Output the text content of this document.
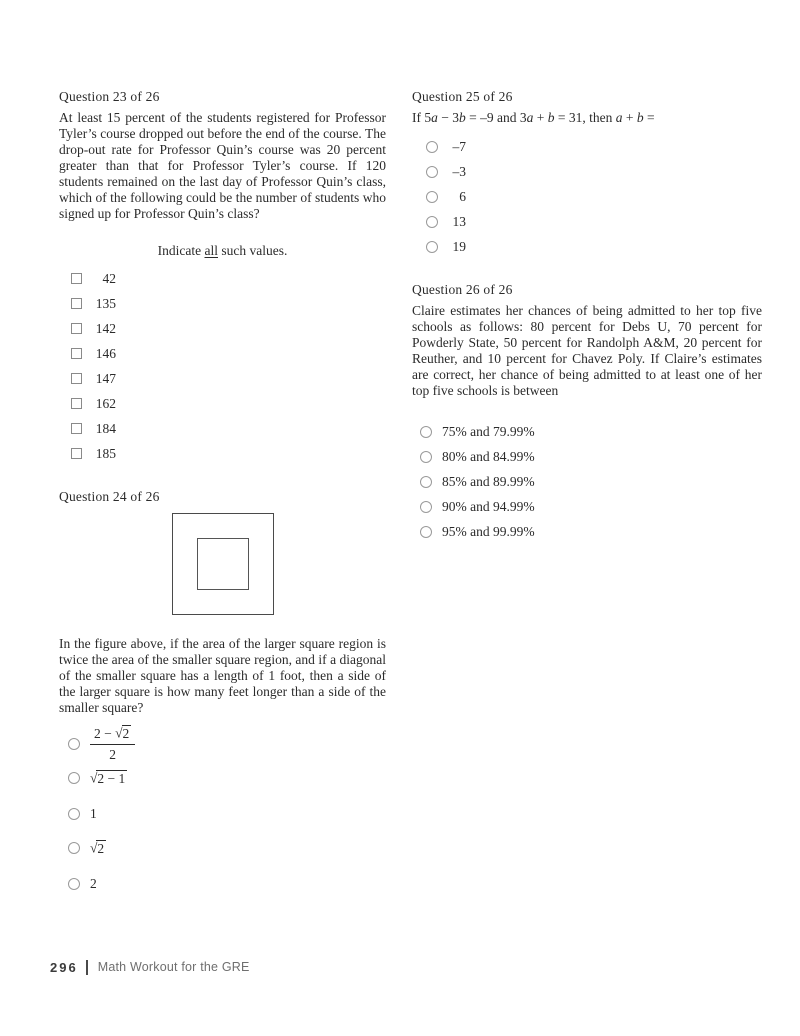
Question 23 of 26
At least 15 percent of the students registered for Professor Tyler’s course dropped out before the end of the course. The drop-out rate for Professor Quin’s course was 20 percent greater than that for Professor Tyler’s course. If 120 students remained on the last day of Professor Quin’s class, which of the following could be the number of students who signed up for Professor Quin’s class?
Indicate all such values.
42
135
142
146
147
162
184
185
Question 24 of 26
In the figure above, if the area of the larger square region is twice the area of the smaller square region, and if a diagonal of the smaller square has a length of 1 foot, then a side of the larger square is how many feet longer than a side of the smaller square?
$\frac{2 - √2}{2}$
√2 − 1
1
√2
2
Question 25 of 26
If 5a − 3b = –9 and 3a + b = 31, then a + b =
–7
–3
6
13
19
Question 26 of 26
Claire estimates her chances of being admitted to her top five schools as follows: 80 percent for Debs U, 70 percent for Powderly State, 50 percent for Randolph A&M, 20 percent for Reuther, and 10 percent for Chavez Poly. If Claire’s estimates are correct, her chance of being admitted to at least one of her top five schools is between
75% and 79.99%
80% and 84.99%
85% and 89.99%
90% and 94.99%
95% and 99.99%
296 Math Workout for the GRE
